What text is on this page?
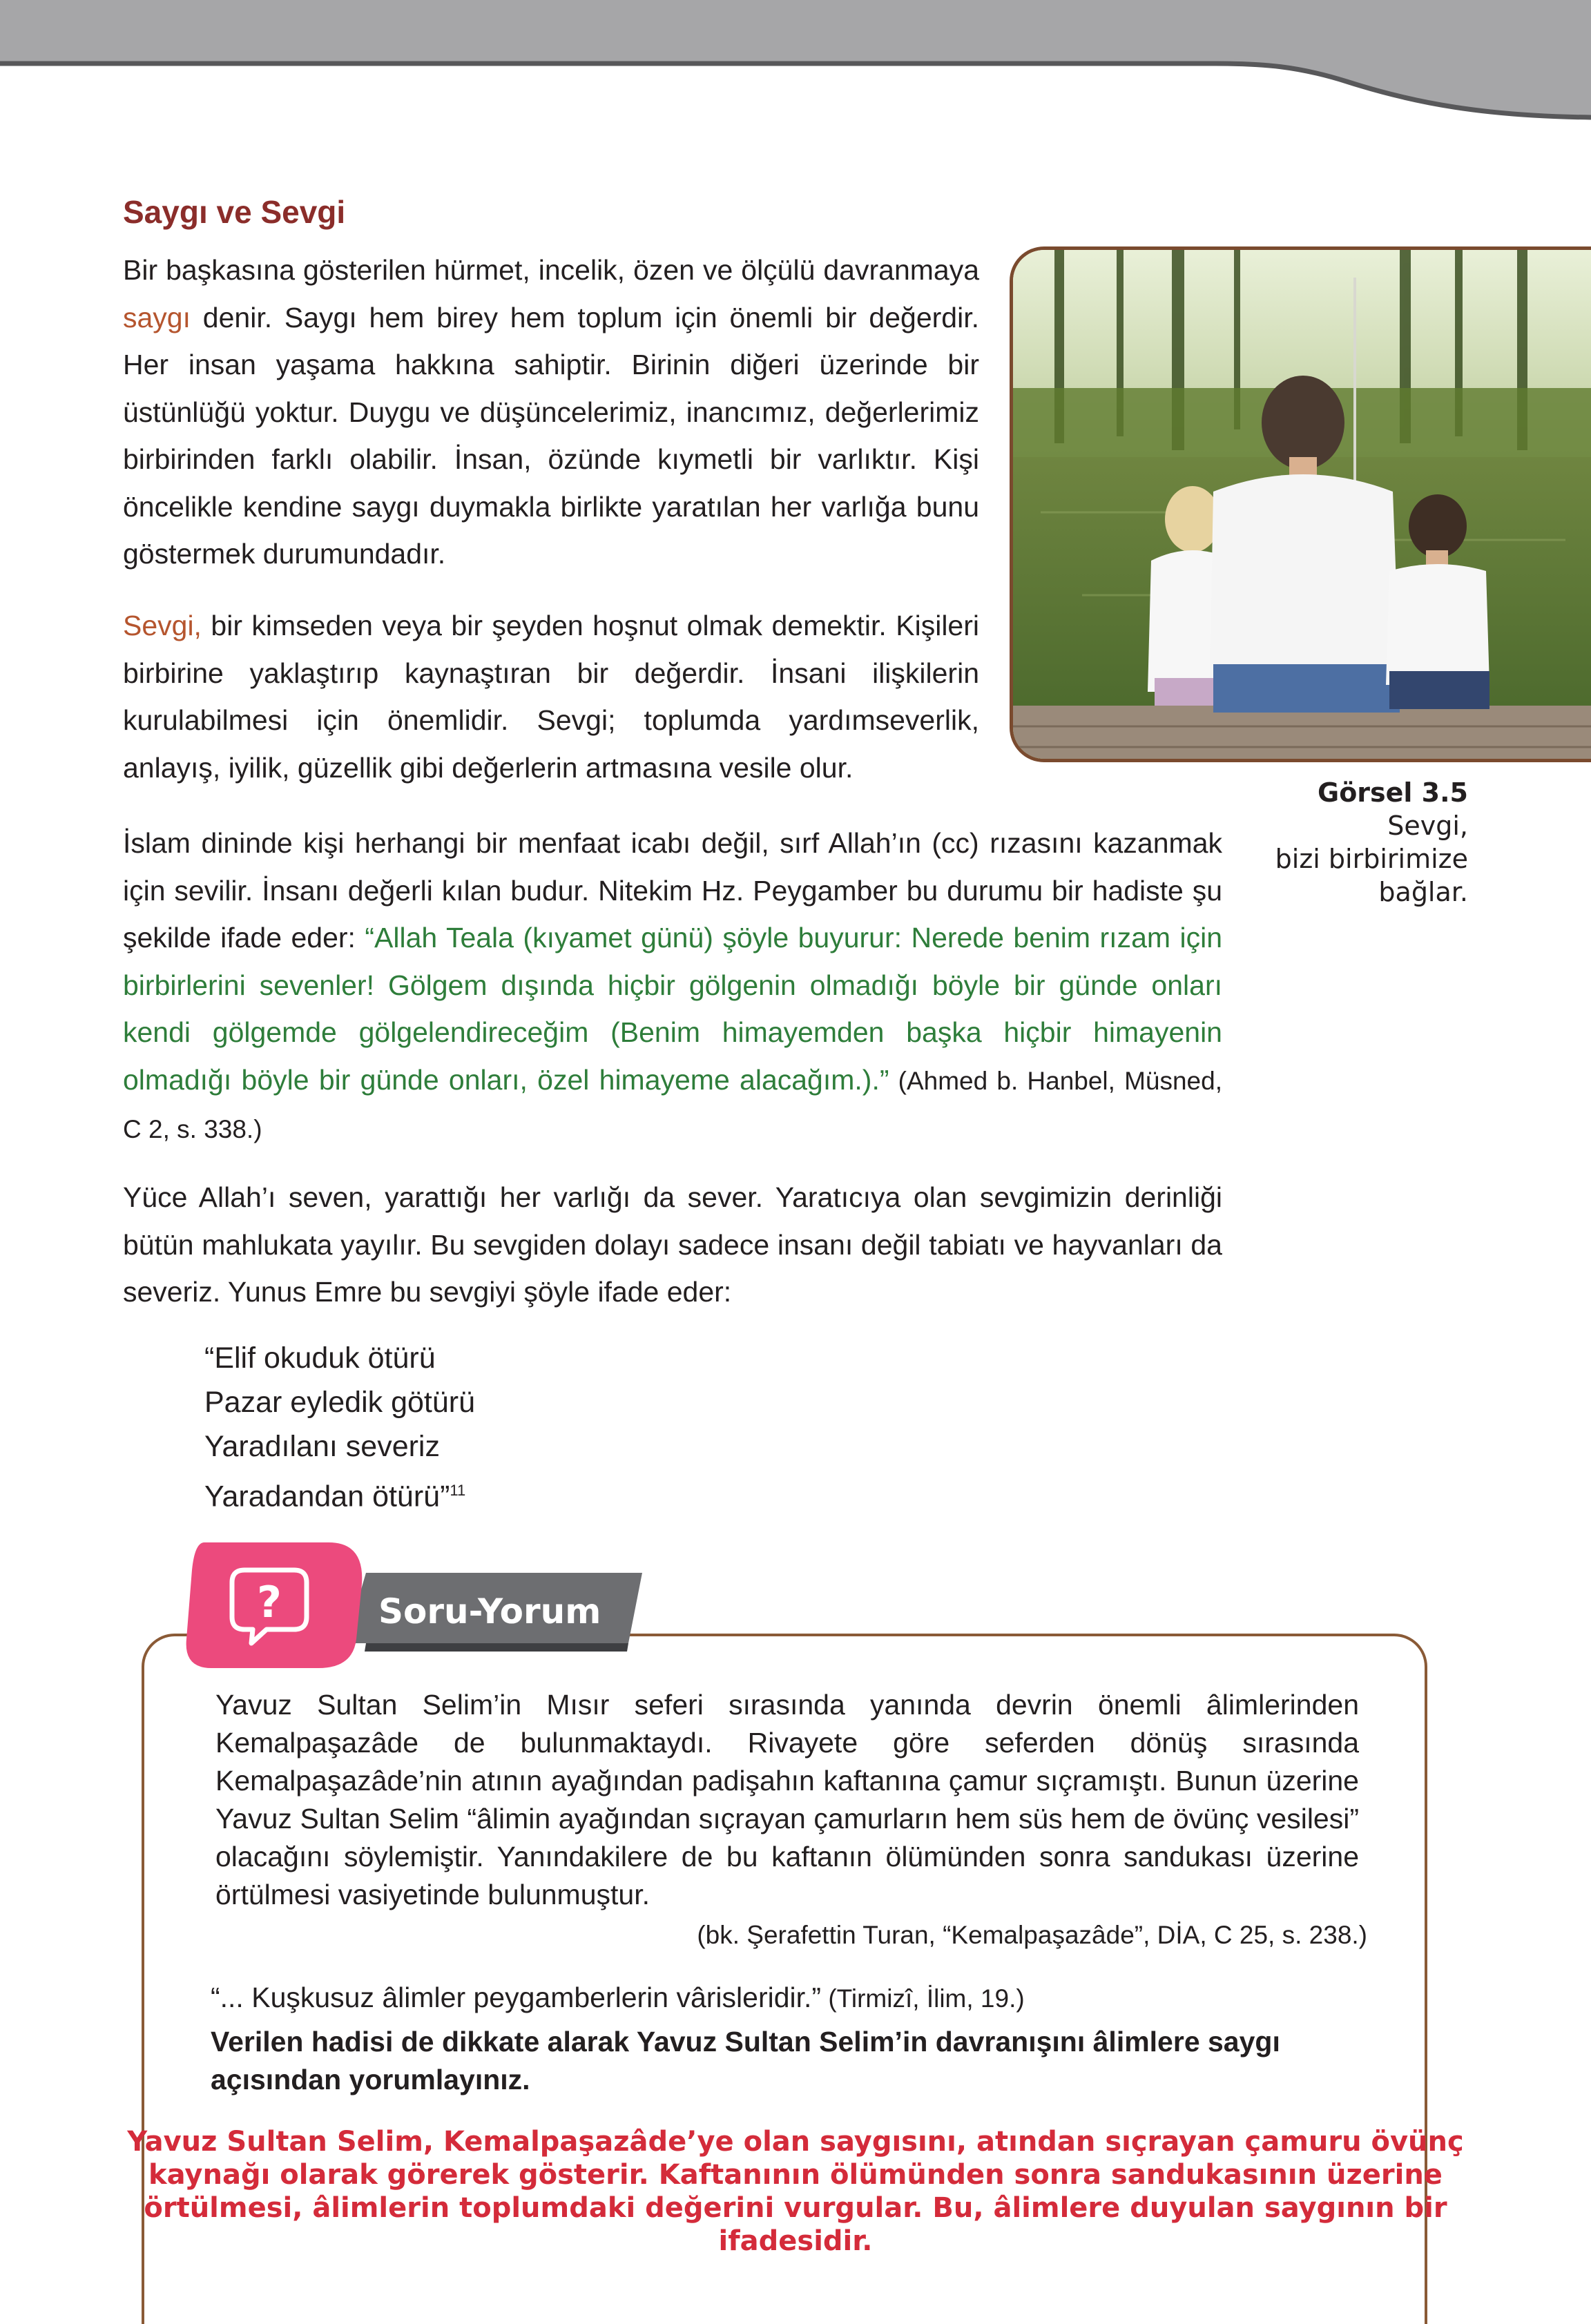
Saygı ve Sevgi

Bir başkasına gösterilen hürmet, incelik, özen ve ölçülü davranmaya saygı denir. Saygı hem birey hem toplum için önemli bir değerdir. Her insan yaşama hakkına sahiptir. Birinin diğeri üzerinde bir üstünlüğü yoktur. Duygu ve düşüncelerimiz, inancımız, değerlerimiz birbirinden farklı olabilir. İnsan, özünde kıymetli bir varlıktır. Kişi öncelikle kendine saygı duymakla birlikte yaratılan her varlığa bunu göstermek durumundadır.

Sevgi, bir kimseden veya bir şeyden hoşnut olmak demektir. Kişileri birbirine yaklaştırıp kaynaştıran bir değerdir. İnsani ilişkilerin kurulabilmesi için önemlidir. Sevgi; toplumda yardımseverlik, anlayış, iyilik, güzellik gibi değerlerin artmasına vesile olur.

İslam dininde kişi herhangi bir menfaat icabı değil, sırf Allah’ın (cc) rızasını kazanmak için sevilir. İnsanı değerli kılan budur. Nitekim Hz. Peygamber bu durumu bir hadiste şu şekilde ifade eder: “Allah Teala (kıyamet günü) şöyle buyurur: Nerede benim rızam için birbirlerini sevenler! Gölgem dışında hiçbir gölgenin olmadığı böyle bir günde onları kendi gölgemde gölgelendireceğim (Benim himayemden başka hiçbir himayenin olmadığı böyle bir günde onları, özel himayeme alacağım.).” (Ahmed b. Hanbel, Müsned, C 2, s. 338.)

Yüce Allah’ı seven, yarattığı her varlığı da sever. Yaratıcıya olan sevgimizin derinliği bütün mahlukata yayılır. Bu sevgiden dolayı sadece insanı değil tabiatı ve hayvanları da severiz. Yunus Emre bu sevgiyi şöyle ifade eder:

“Elif okuduk ötürü
Pazar eyledik götürü
Yaradılanı severiz
Yaradandan ötürü”$^{11}$
Görsel 3.5
Sevgi,
bizi birbirimize
bağlar.

Soru-Yorum

?

Yavuz Sultan Selim’in Mısır seferi sırasında yanında devrin önemli âlimlerinden Kemalpaşazâde de bulunmaktaydı. Rivayete göre seferden dönüş sırasında Kemalpaşazâde’nin atının ayağından padişahın kaftanına çamur sıçramıştı. Bunun üzerine Yavuz Sultan Selim “âlimin ayağından sıçrayan çamurların hem süs hem de övünç vesilesi” olacağını söylemiştir. Yanındakilere de bu kaftanın ölümünden sonra sandukası üzerine örtülmesi vasiyetinde bulunmuştur.

(bk. Şerafettin Turan, “Kemalpaşazâde”, DİA, C 25, s. 238.)

“... Kuşkusuz âlimler peygamberlerin vârisleridir.” (Tirmizî, İlim, 19.)

Verilen hadisi de dikkate alarak Yavuz Sultan Selim’in davranışını âlimlere saygı açısından yorumlayınız.

Yavuz Sultan Selim, Kemalpaşazâde’ye olan saygısını, atından sıçrayan çamuru övünç kaynağı olarak görerek gösterir. Kaftanının ölümünden sonra sandukasının üzerine örtülmesi, âlimlerin toplumdaki değerini vurgular. Bu, âlimlere duyulan saygının bir ifadesidir.
